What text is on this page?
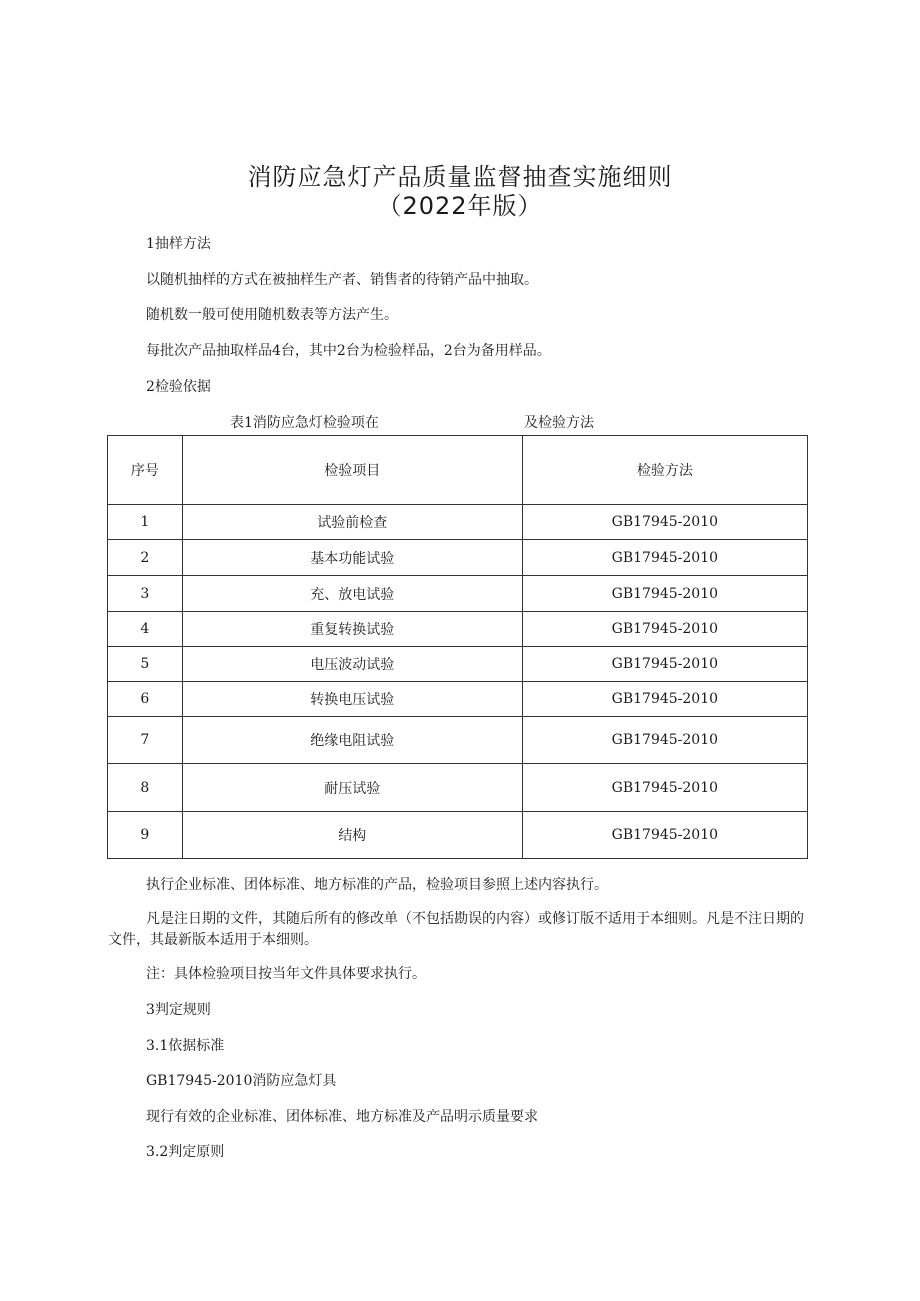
消防应急灯产品质量监督抽查实施细则
（2022年版）
1抽样方法
以随机抽样的方式在被抽样生产者、销售者的待销产品中抽取。
随机数一般可使用随机数表等方法产生。
每批次产品抽取样品4台，其中2台为检验样品，2台为备用样品。
2检验依据
表1消防应急灯检验项在	及检验方法
序号	检验项目	检验方法
1	试验前检查	GB17945-2010
2	基本功能试验	GB17945-2010
3	充、放电试验	GB17945-2010
4	重复转换试验	GB17945-2010
5	电压波动试验	GB17945-2010
6	转换电压试验	GB17945-2010
7	绝缘电阻试验	GB17945-2010
8	耐压试验	GB17945-2010
9	结构	GB17945-2010
执行企业标准、团体标准、地方标准的产品，检验项目参照上述内容执行。
凡是注日期的文件，其随后所有的修改单（不包括勘误的内容）或修订版不适用于本细则。凡是不注日期的文件，其最新版本适用于本细则。
注：具体检验项目按当年文件具体要求执行。
3判定规则
3.1依据标准
GB17945-2010消防应急灯具
现行有效的企业标准、团体标准、地方标准及产品明示质量要求
3.2判定原则
